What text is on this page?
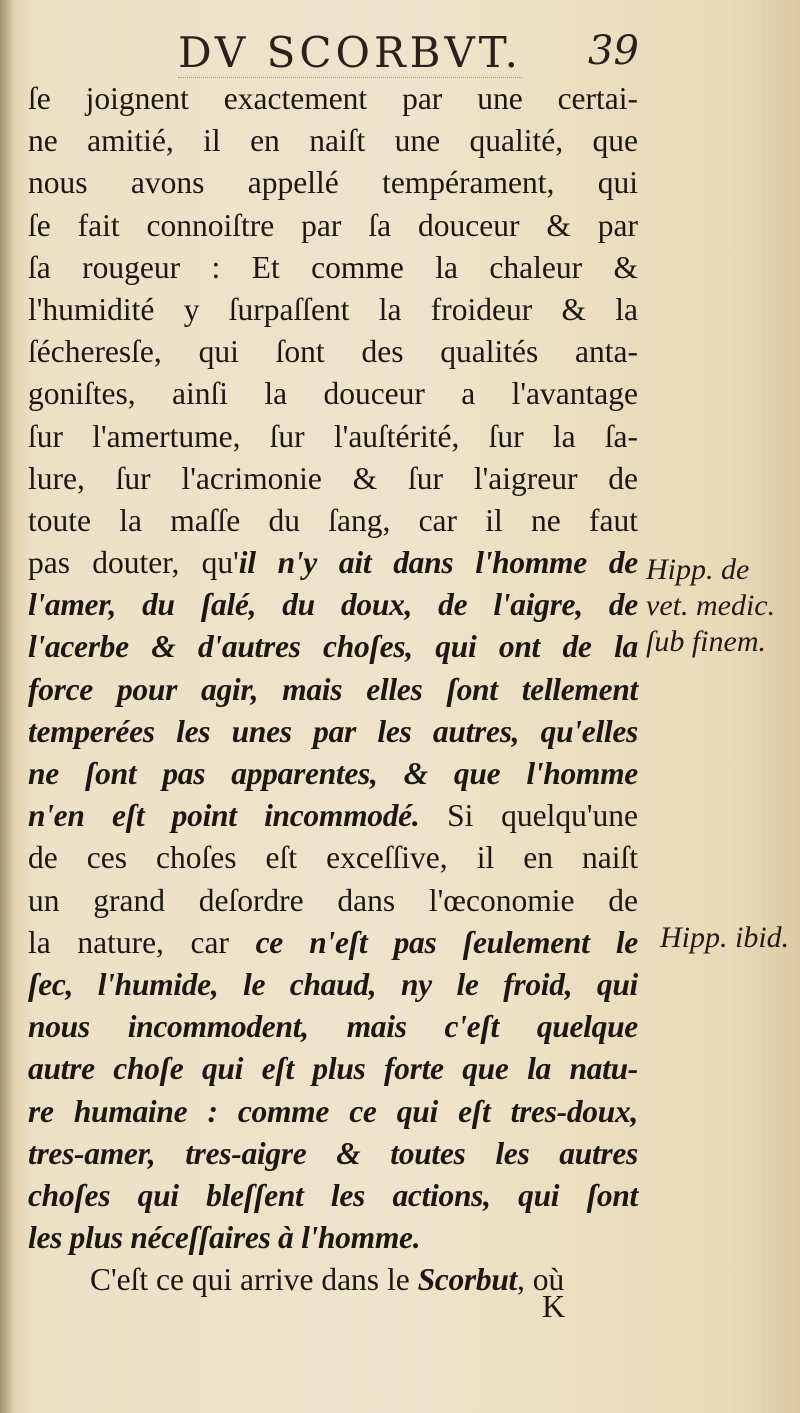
DV SCORBVT. 39
ſe joignent exactement par une certai-
ne amitié, il en naiſt une qualité, que
nous avons appellé tempérament, qui
ſe fait connoiſtre par ſa douceur & par
ſa rougeur : Et comme la chaleur &
l'humidité y ſurpaſſent la froideur & la
ſécheresſe, qui ſont des qualités anta-
goniſtes, ainſi la douceur a l'avantage
ſur l'amertume, ſur l'auſtérité, ſur la ſa-
lure, ſur l'acrimonie & ſur l'aigreur de
toute la maſſe du ſang, car il ne faut
pas douter, qu'il n'y ait dans l'homme de
l'amer, du ſalé, du doux, de l'aigre, de
l'acerbe & d'autres choſes, qui ont de la
force pour agir, mais elles ſont tellement
temperées les unes par les autres, qu'elles
ne ſont pas apparentes, & que l'homme
n'en eſt point incommodé. Si quelqu'une
de ces choſes eſt exceſſive, il en naiſt
un grand deſordre dans l'œconomie de
la nature, car ce n'eſt pas ſeulement le
ſec, l'humide, le chaud, ny le froid, qui
nous incommodent, mais c'eſt quelque
autre choſe qui eſt plus forte que la natu-
re humaine : comme ce qui eſt tres-doux,
tres-amer, tres-aigre & toutes les autres
choſes qui bleſſent les actions, qui ſont
les plus néceſſaires à l'homme.
C'eſt ce qui arrive dans le Scorbut, où
Hipp. de vet. medic. ſub finem.
Hipp. ibid.
K
